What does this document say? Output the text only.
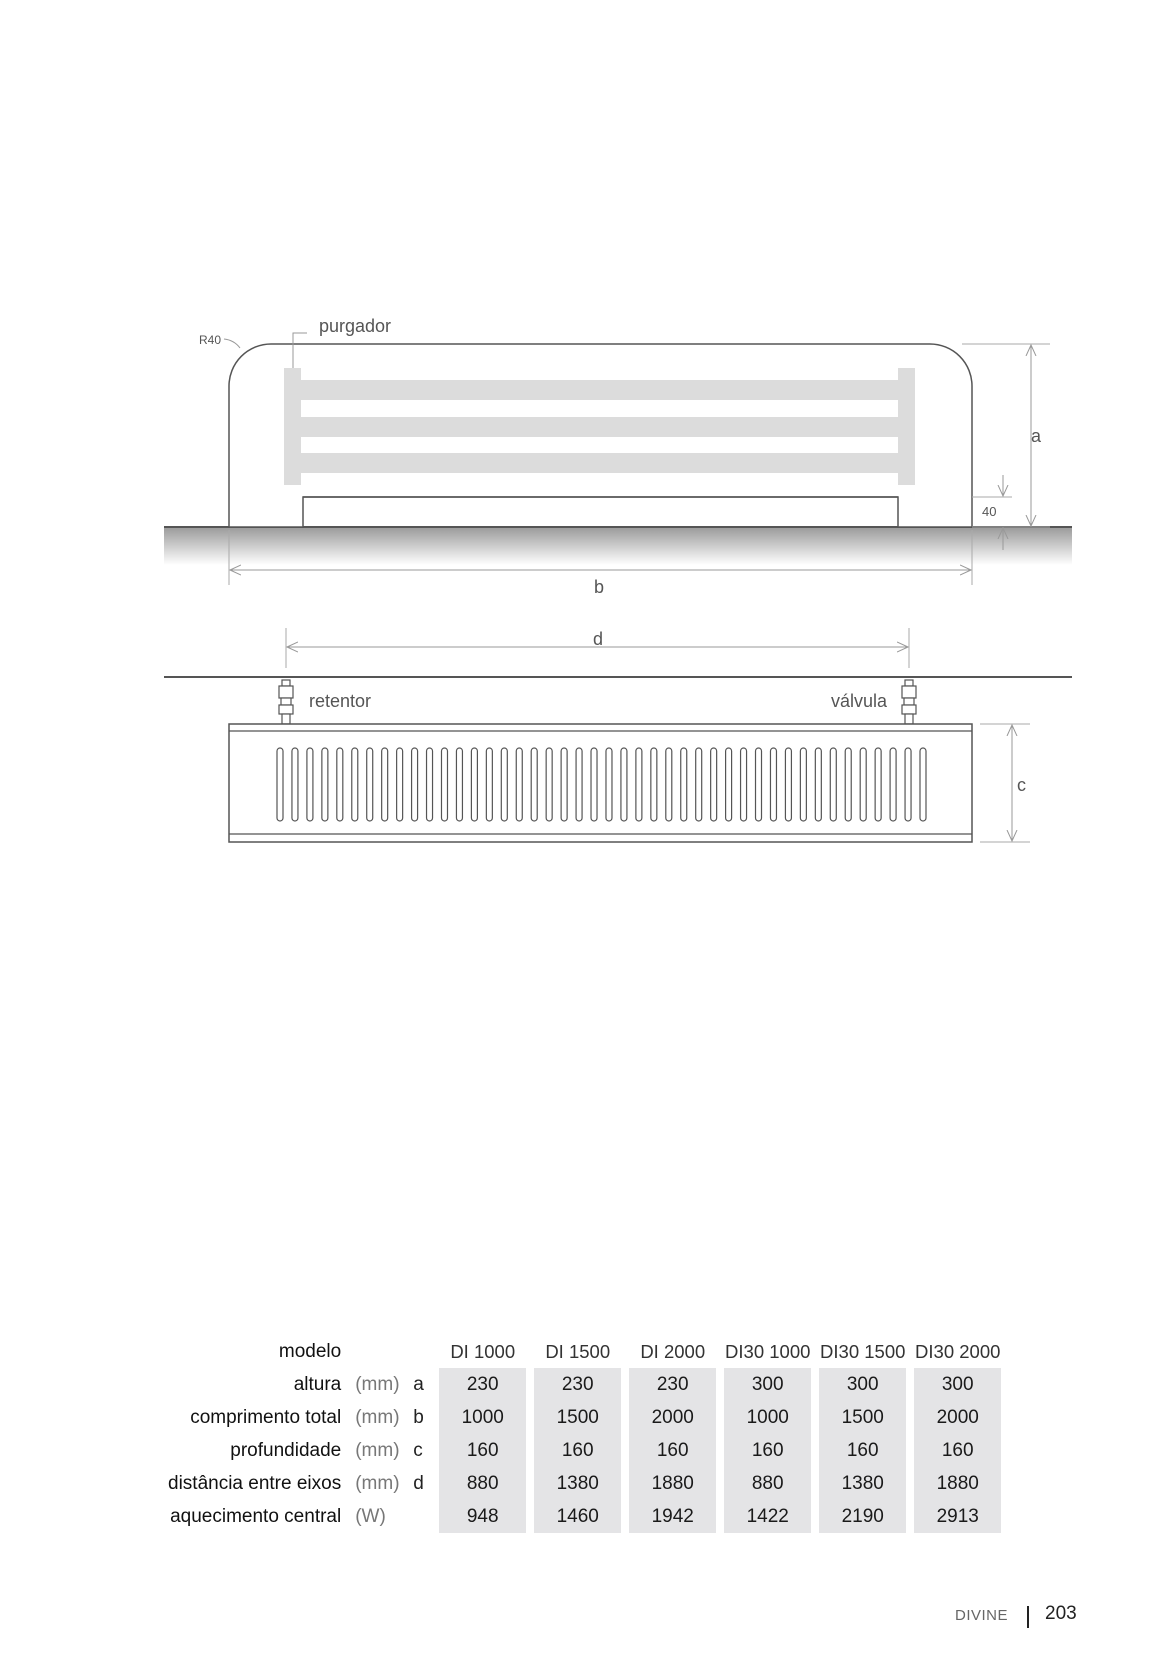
R40
purgador
a
40
b
d
retentor	válvula
c
modelo			DI 1000	DI 1500	DI 2000	DI30 1000	DI30 1500	DI30 2000
altura	(mm)	a	230	230	230	300	300	300
comprimento total	(mm)	b	1000	1500	2000	1000	1500	2000
profundidade	(mm)	c	160	160	160	160	160	160
distância entre eixos	(mm)	d	880	1380	1880	880	1380	1880
aquecimento central	(W)		948	1460	1942	1422	2190	2913
DIVINE 203
